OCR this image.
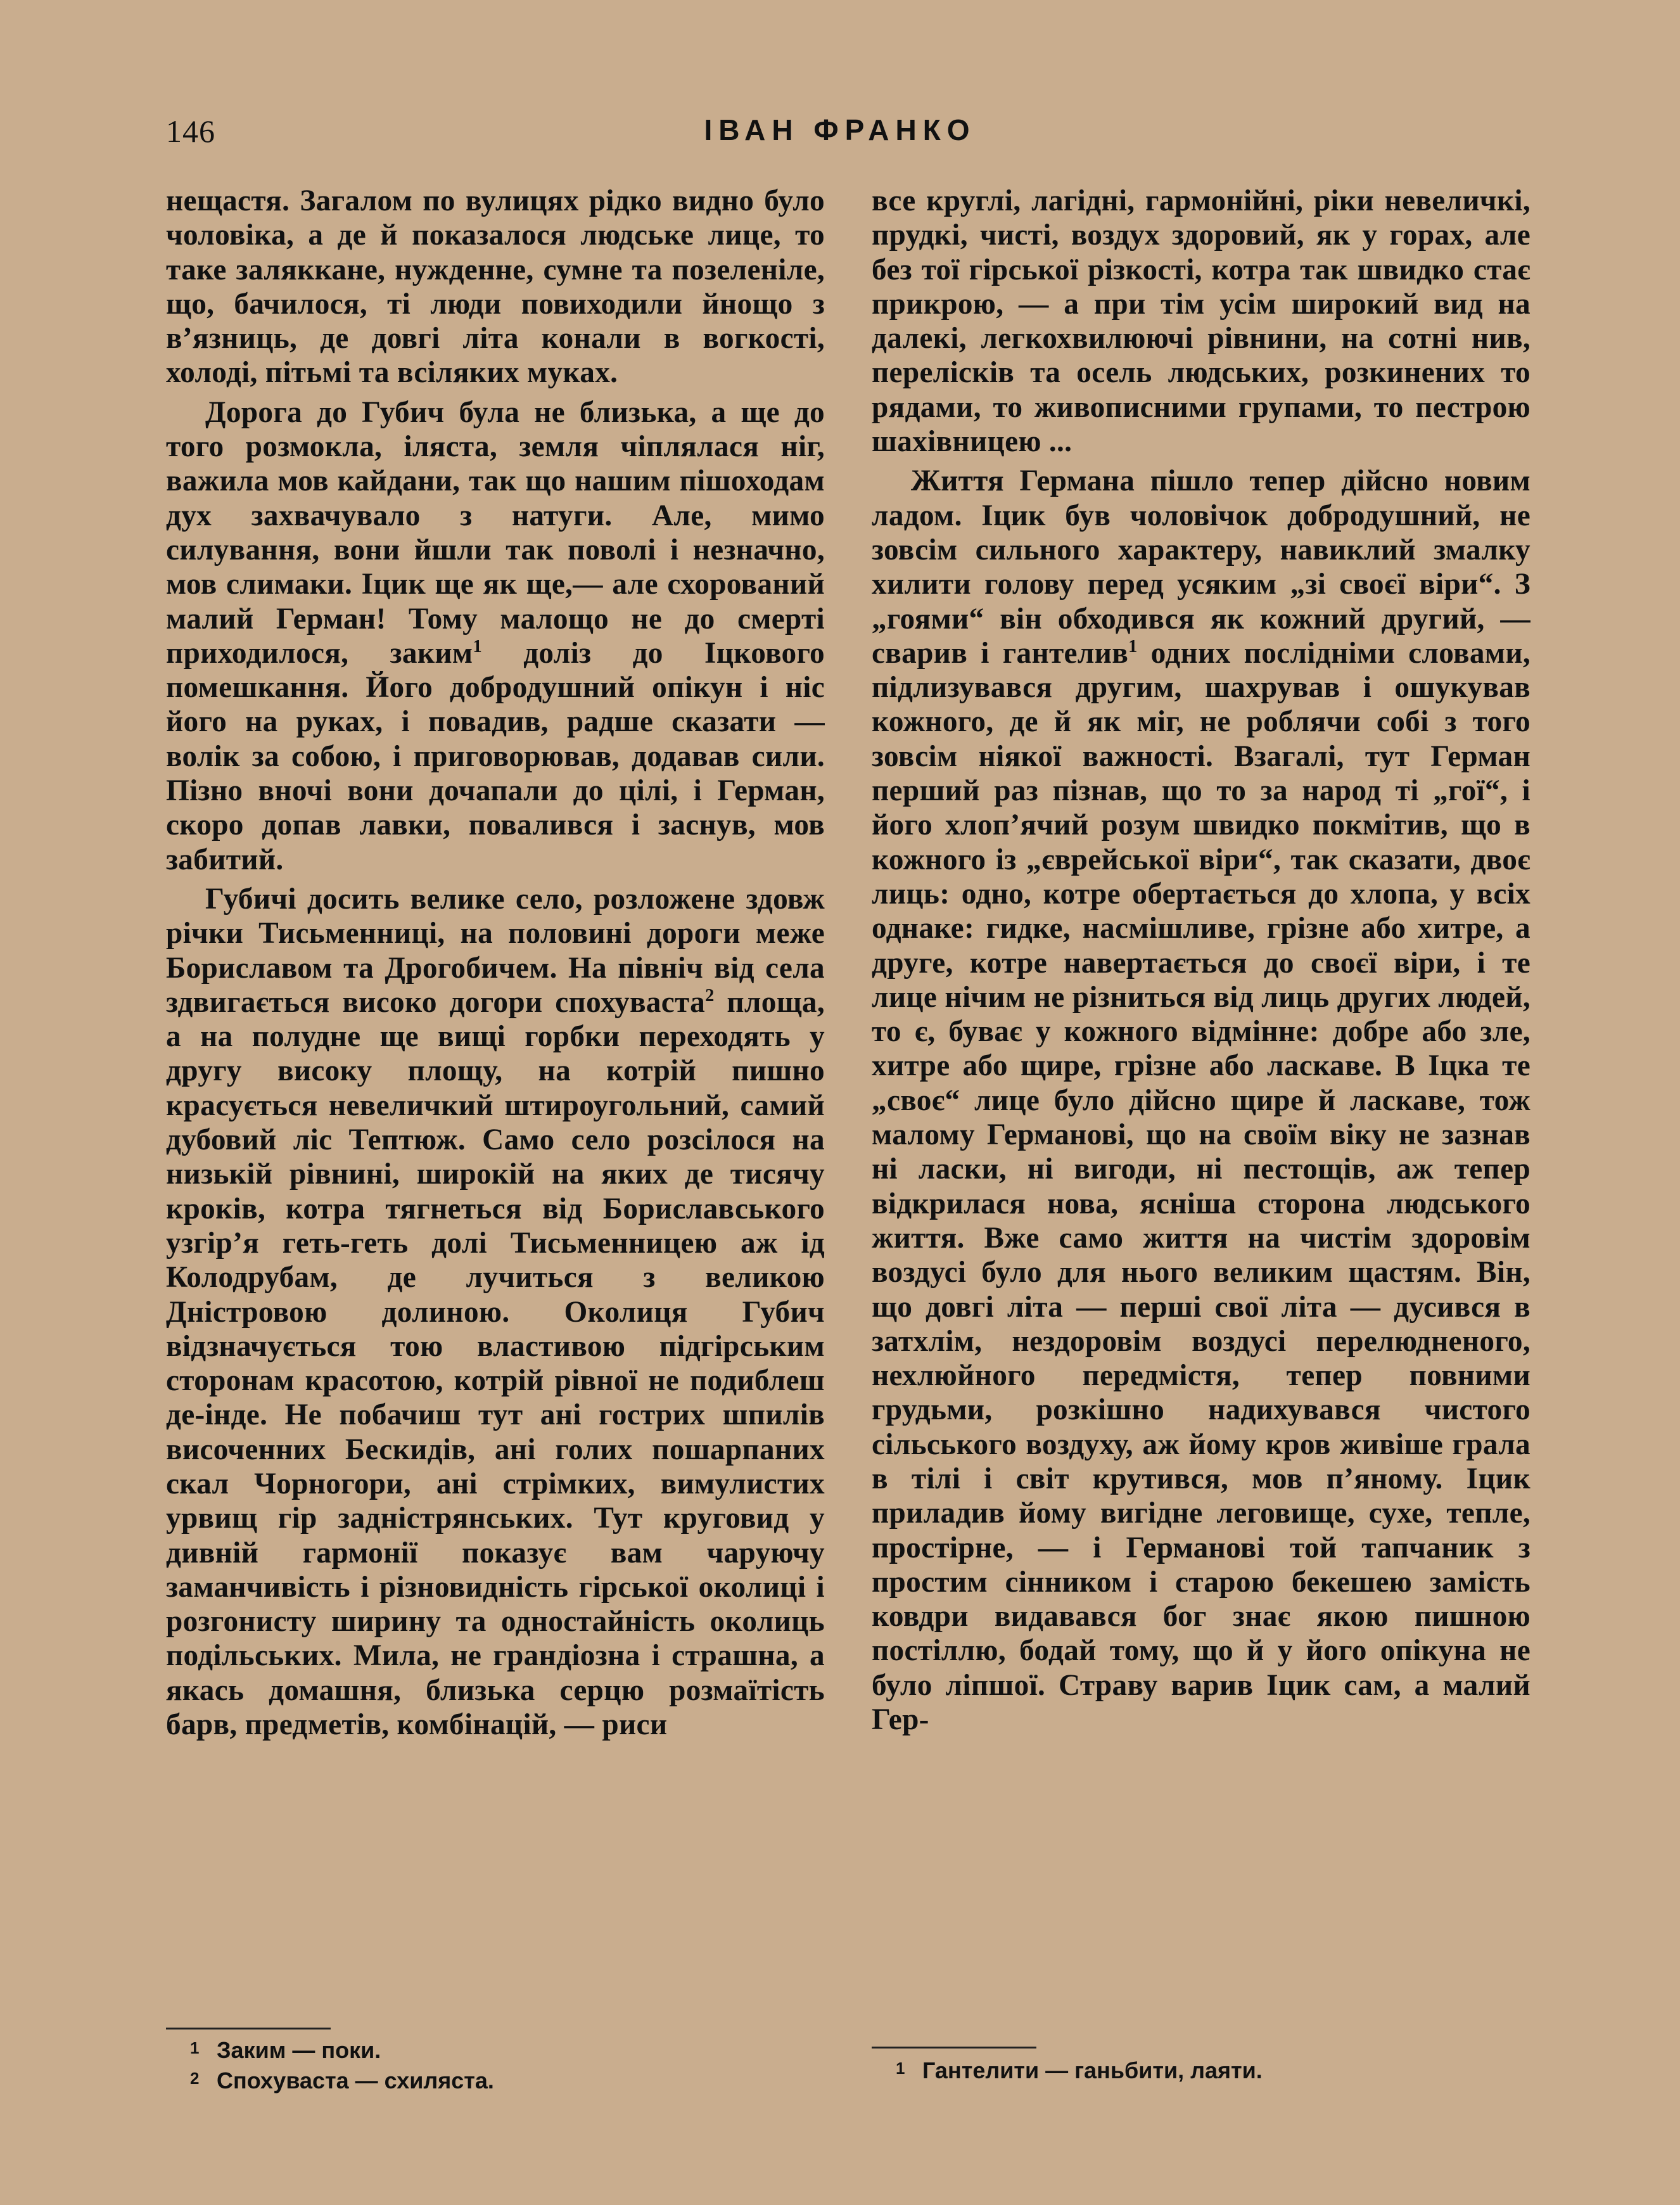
146	ІВАН ФРАНКО

нещастя. Загалом по вулицях рідко видно було чоловіка, а де й показалося людське лице, то таке заляккане, нужденне, сумне та позеленіле, що, бачилося, ті люди повиходили йнощо з в’язниць, де довгі літа конали в вогкості, холоді, пітьмі та всіляких муках.

Дорога до Губич була не близька, а ще до того розмокла, іляста, земля чіплялася ніг, важила мов кайдани, так що нашим пішоходам дух захвачувало з натуги. Але, мимо силування, вони йшли так поволі і незначно, мов слимаки. Іцик ще як ще,— але схорований малий Герман! Тому малощо не до смерті приходилося, заким$^1$ доліз до Іцкового помешкання. Його добродушний опікун і ніс його на руках, і повадив, радше сказати — волік за собою, і приговорював, додавав сили. Пізно вночі вони дочапали до цілі, і Герман, скоро допав лавки, повалився і заснув, мов забитий.

Губичі досить велике село, розложене здовж річки Тисьменниці, на половині дороги меже Бориславом та Дрогобичем. На північ від села здвигається високо догори спохуваста$^2$ площа, а на полудне ще вищі горбки переходять у другу високу площу, на котрій пишно красується невеличкий штироугольний, самий дубовий ліс Тептюж. Само село розсілося на низькій рівнині, широкій на яких де тисячу кроків, котра тягнеться від Бориславського узгір’я геть-геть долі Тисьменницею аж ід Колодрубам, де лучиться з великою Дністровою долиною. Околиця Губич відзначується тою властивою підгірським сторонам красотою, котрій рівної не подиблеш де-інде. Не побачиш тут ані гострих шпилів височенних Бескидів, ані голих пошарпаних скал Чорногори, ані стрімких, вимулистих урвищ гір задністрянських. Тут круговид у дивній гармонії показує вам чаруючу заманчивість і різновидність гірської околиці і розгонисту ширину та одностайність околиць подільських. Мила, не грандіозна і страшна, а якась домашня, близька серцю розмаїтість барв, предметів, комбінацій, — риси

все круглі, лагідні, гармонійні, ріки невеличкі, прудкі, чисті, воздух здоровий, як у горах, але без тої гірської різкості, котра так швидко стає прикрою, — а при тім усім широкий вид на далекі, легкохвилюючі рівнини, на сотні нив, переліскiв та осель людських, розкинених то рядами, то живописними групами, то пестрою шахівницею ...

Життя Германа пішло тепер дійсно новим ладом. Іцик був чоловічок добродушний, не зовсім сильного характеру, навиклий змалку хилити голову перед усяким „зі своєї віри“. З „гоями“ він обходився як кожний другий, — сварив і гантелив$^1$ одних послідніми словами, підлизувався другим, шахрував і ошукував кожного, де й як міг, не роблячи собі з того зовсім ніякої важності. Взагалі, тут Герман перший раз пізнав, що то за народ ті „гої“, і його хлоп’ячий розум швидко покмітив, що в кожного із „єврейської віри“, так сказати, двоє лиць: одно, котре обертається до хлопа, у всіх однаке: гидке, насмішливе, грізне або хитре, а друге, котре навертається до своєї віри, і те лице нічим не різниться від лиць других людей, то є, буває у кожного відмінне: добре або зле, хитре або щире, грізне або ласкаве. В Іцка те „своє“ лице було дійсно щире й ласкаве, тож малому Германові, що на своїм віку не зазнав ні ласки, ні вигоди, ні пестощів, аж тепер відкрилася нова, ясніша сторона людського життя. Вже само життя на чистім здоровім воздусі було для нього великим щастям. Він, що довгі літа — перші свої літа — дусився в затхлім, нездоровім воздусі перелюдненого, нехлюйного передмістя, тепер повними грудьми, розкішно надихувався чистого сільського воздуху, аж йому кров живіше грала в тілі і світ крутився, мов п’яному. Іцик приладив йому вигідне леговище, сухе, тепле, простірне, — і Германові той тапчаник з простим сінником і старою бекешею замість ковдри видавався бог знає якою пишною постіллю, бодай тому, що й у його опікуна не було ліпшої. Страву варив Іцик сам, а малий Гер-

1 Заким — поки.
2 Спохуваста — схиляста.	1 Гантелити — ганьбити, лаяти.
